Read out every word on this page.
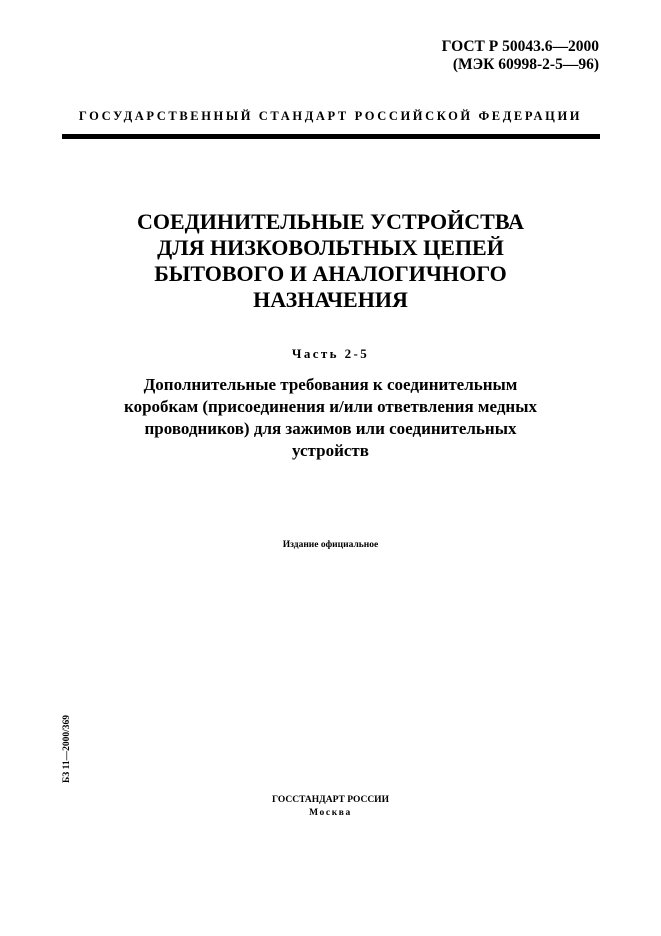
ГОСТ Р 50043.6—2000
(МЭК 60998-2-5—96)
ГОСУДАРСТВЕННЫЙ СТАНДАРТ РОССИЙСКОЙ ФЕДЕРАЦИИ
СОЕДИНИТЕЛЬНЫЕ УСТРОЙСТВА
ДЛЯ НИЗКОВОЛЬТНЫХ ЦЕПЕЙ
БЫТОВОГО И АНАЛОГИЧНОГО
НАЗНАЧЕНИЯ
Часть 2-5
Дополнительные требования к соединительным
коробкам (присоединения и/или ответвления медных
проводников) для зажимов или соединительных
устройств
Издание официальное
БЗ 11—2000/369
ГОССТАНДАРТ РОССИИ
Москва
